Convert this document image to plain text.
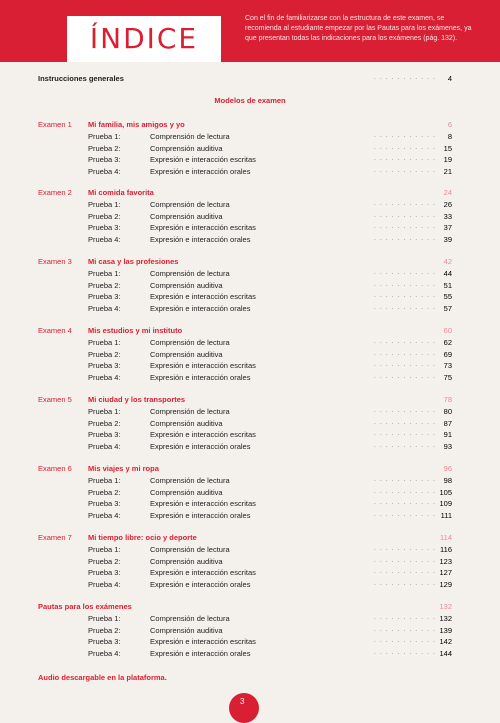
ÍNDICE
Con el fin de familiarizarse con la estructura de este examen, se recomienda al estudiante empezar por las Pautas para los exámenes, ya que presentan todas las indicaciones para los exámenes (pág. 132).
Instrucciones generales	. . . . . . . . . . . 4
Modelos de examen
Examen 1 Mi familia, mis amigos y yo	6
Prueba 1:	Comprensión de lectura	. . . . . . . . . . . 8
Prueba 2:	Comprensión auditiva	. . . . . . . . . . . 15
Prueba 3:	Expresión e interacción escritas	. . . . . . . . . . . 19
Prueba 4:	Expresión e interacción orales	. . . . . . . . . . . 21
Examen 2 Mi comida favorita	24
Prueba 1:	Comprensión de lectura	. . . . . . . . . . . 26
Prueba 2:	Comprensión auditiva	. . . . . . . . . . . 33
Prueba 3:	Expresión e interacción escritas	. . . . . . . . . . . 37
Prueba 4:	Expresión e interacción orales	. . . . . . . . . . . 39
Examen 3 Mi casa y las profesiones	42
Prueba 1:	Comprensión de lectura	. . . . . . . . . . . 44
Prueba 2:	Comprensión auditiva	. . . . . . . . . . . 51
Prueba 3:	Expresión e interacción escritas	. . . . . . . . . . . 55
Prueba 4:	Expresión e interacción orales	. . . . . . . . . . . 57
Examen 4 Mis estudios y mi instituto	60
Prueba 1:	Comprensión de lectura	. . . . . . . . . . . 62
Prueba 2:	Comprensión auditiva	. . . . . . . . . . . 69
Prueba 3:	Expresión e interacción escritas	. . . . . . . . . . . 73
Prueba 4:	Expresión e interacción orales	. . . . . . . . . . . 75
Examen 5 Mi ciudad y los transportes	78
Prueba 1:	Comprensión de lectura	. . . . . . . . . . . 80
Prueba 2:	Comprensión auditiva	. . . . . . . . . . . 87
Prueba 3:	Expresión e interacción escritas	. . . . . . . . . . . 91
Prueba 4:	Expresión e interacción orales	. . . . . . . . . . . 93
Examen 6 Mis viajes y mi ropa	96
Prueba 1:	Comprensión de lectura	. . . . . . . . . . . 98
Prueba 2:	Comprensión auditiva	. . . . . . . . . . . 105
Prueba 3:	Expresión e interacción escritas	. . . . . . . . . . . 109
Prueba 4:	Expresión e interacción orales	. . . . . . . . . . . 111
Examen 7 Mi tiempo libre: ocio y deporte	114
Prueba 1:	Comprensión de lectura	. . . . . . . . . . . 116
Prueba 2:	Comprensión auditiva	. . . . . . . . . . . 123
Prueba 3:	Expresión e interacción escritas	. . . . . . . . . . . 127
Prueba 4:	Expresión e interacción orales	. . . . . . . . . . . 129
Pautas para los exámenes	132
Prueba 1:	Comprensión de lectura	. . . . . . . . . . . 132
Prueba 2:	Comprensión auditiva	. . . . . . . . . . . 139
Prueba 3:	Expresión e interacción escritas	. . . . . . . . . . . 142
Prueba 4:	Expresión e interacción orales	. . . . . . . . . . . 144
Audio descargable en la plataforma.
3
